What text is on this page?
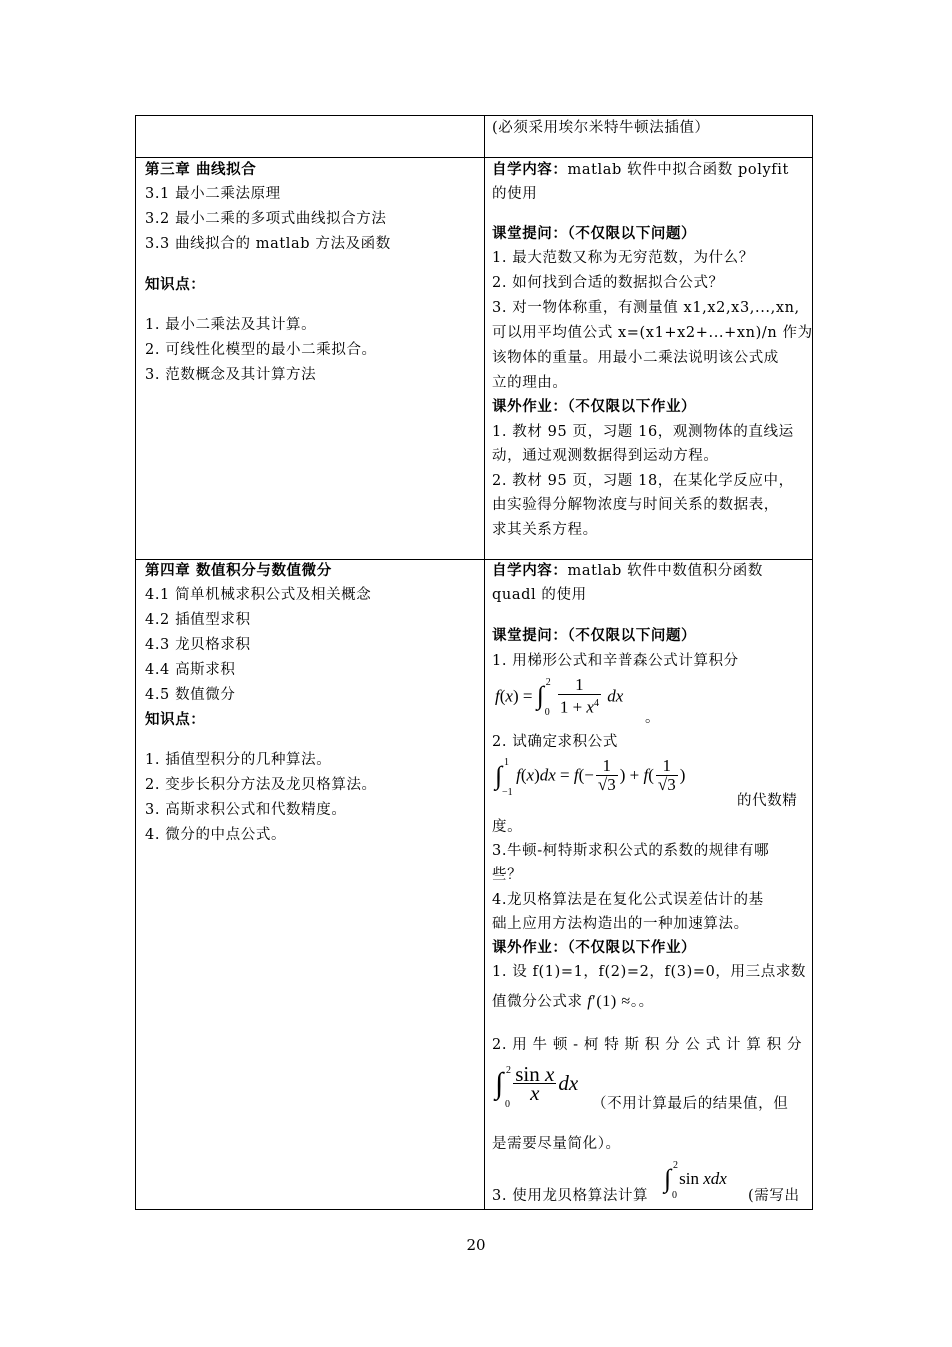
(必须采用埃尔米特牛顿法插值）
第三章 曲线拟合
3.1 最小二乘法原理
3.2 最小二乘的多项式曲线拟合方法
3.3 曲线拟合的 matlab 方法及函数
知识点：
1. 最小二乘法及其计算。
2. 可线性化模型的最小二乘拟合。
3. 范数概念及其计算方法
自学内容：matlab 软件中拟合函数 polyfit
的使用
课堂提问：（不仅限以下问题）
1. 最大范数又称为无穷范数，为什么？
2. 如何找到合适的数据拟合公式？
3. 对一物体称重，有测量值 x1,x2,x3,...,xn,
可以用平均值公式 x=(x1+x2+...+xn)/n 作为
该物体的重量。用最小二乘法说明该公式成
立的理由。
课外作业：（不仅限以下作业）
1. 教材 95 页，习题 16，观测物体的直线运
动，通过观测数据得到运动方程。
2. 教材 95 页，习题 18，在某化学反应中，
由实验得分解物浓度与时间关系的数据表，
求其关系方程。
第四章 数值积分与数值微分
4.1 简单机械求积公式及相关概念
4.2 插值型求积
4.3 龙贝格求积
4.4 高斯求积
4.5 数值微分
知识点：
1. 插值型积分的几种算法。
2. 变步长积分方法及龙贝格算法。
3. 高斯求积公式和代数精度。
4. 微分的中点公式。
自学内容：matlab 软件中数值积分函数
quadl 的使用
课堂提问：（不仅限以下问题）
1. 用梯形公式和辛普森公式计算积分
f(x) = ∫ 2
$0 \frac{1}{1 + x^4}$ dx
。
2. 试确定求积公式
∫ 1
−1
$f(x)dx = f(- \frac{1}{√3}$ ) + $f( \frac{1}{√3}$ )
的代数精
度。
3.牛顿-柯特斯求积公式的系数的规律有哪
些？
4.龙贝格算法是在复化公式误差估计的基
础上应用方法构造出的一种加速算法。
课外作业：（不仅限以下作业）
1. 设 f(1)=1，f(2)=2，f(3)=0，用三点求数
值微分公式求 f′(1) ≈。。
2. 用 牛 顿 - 柯 特 斯 积 分 公 式 计 算 积 分
∫ 2
0
$\frac{\text{sin x}}{x}$ dx
（不用计算最后的结果值，但
是需要尽量简化）。
3. 使用龙贝格算法计算
∫ 2
0
sin xdx
(需写出
20
